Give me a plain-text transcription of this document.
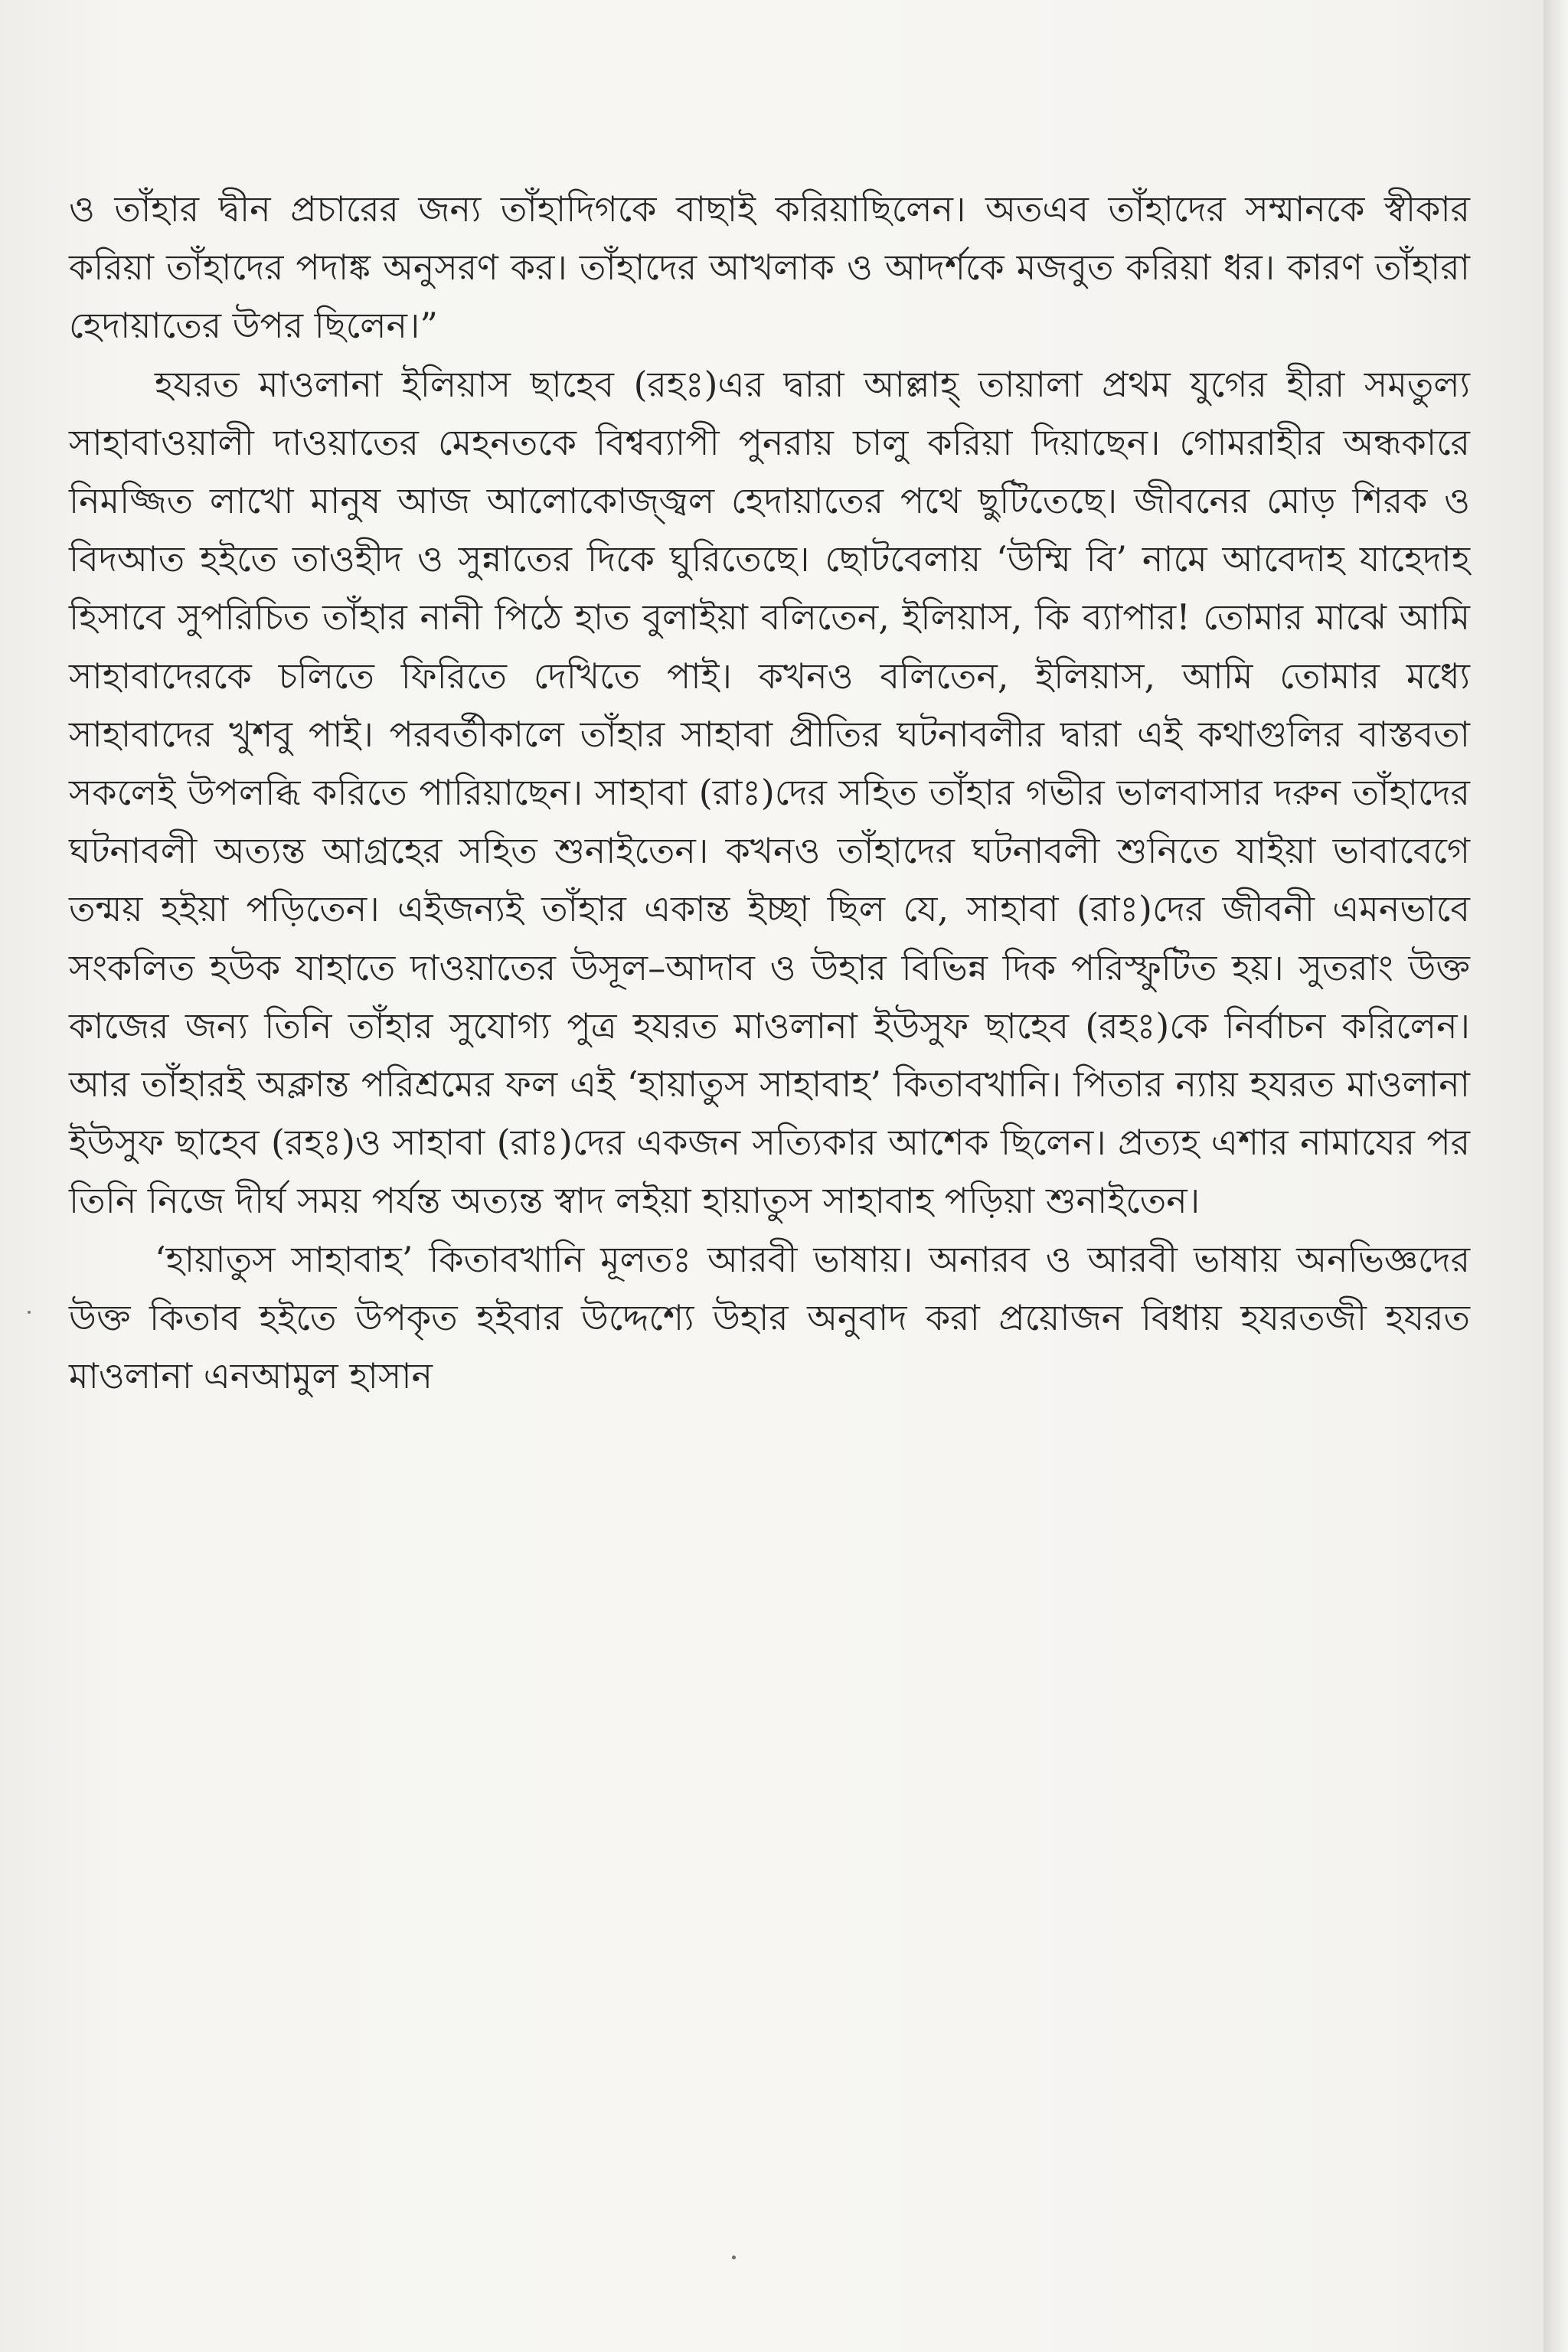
ও তাঁহার দ্বীন প্রচারের জন্য তাঁহাদিগকে বাছাই করিয়াছিলেন। অতএব তাঁহাদের সম্মানকে স্বীকার করিয়া তাঁহাদের পদাঙ্ক অনুসরণ কর। তাঁহাদের আখলাক ও আদর্শকে মজবুত করিয়া ধর। কারণ তাঁহারা হেদায়াতের উপর ছিলেন।”

হযরত মাওলানা ইলিয়াস ছাহেব (রহঃ)এর দ্বারা আল্লাহ্ তায়ালা প্রথম যুগের হীরা সমতুল্য সাহাবাওয়ালী দাওয়াতের মেহনতকে বিশ্বব্যাপী পুনরায় চালু করিয়া দিয়াছেন। গোমরাহীর অন্ধকারে নিমজ্জিত লাখো মানুষ আজ আলোকোজ্জ্বল হেদায়াতের পথে ছুটিতেছে। জীবনের মোড় শিরক ও বিদআত হইতে তাওহীদ ও সুন্নাতের দিকে ঘুরিতেছে। ছোটবেলায় ‘উম্মি বি’ নামে আবেদাহ যাহেদাহ হিসাবে সুপরিচিত তাঁহার নানী পিঠে হাত বুলাইয়া বলিতেন, ইলিয়াস, কি ব্যাপার! তোমার মাঝে আমি সাহাবাদেরকে চলিতে ফিরিতে দেখিতে পাই। কখনও বলিতেন, ইলিয়াস, আমি তোমার মধ্যে সাহাবাদের খুশবু পাই। পরবর্তীকালে তাঁহার সাহাবা প্রীতির ঘটনাবলীর দ্বারা এই কথাগুলির বাস্তবতা সকলেই উপলব্ধি করিতে পারিয়াছেন। সাহাবা (রাঃ)দের সহিত তাঁহার গভীর ভালবাসার দরুন তাঁহাদের ঘটনাবলী অত্যন্ত আগ্রহের সহিত শুনাইতেন। কখনও তাঁহাদের ঘটনাবলী শুনিতে যাইয়া ভাবাবেগে তন্ময় হইয়া পড়িতেন। এইজন্যই তাঁহার একান্ত ইচ্ছা ছিল যে, সাহাবা (রাঃ)দের জীবনী এমনভাবে সংকলিত হউক যাহাতে দাওয়াতের উসূল–আদাব ও উহার বিভিন্ন দিক পরিস্ফুটিত হয়। সুতরাং উক্ত কাজের জন্য তিনি তাঁহার সুযোগ্য পুত্র হযরত মাওলানা ইউসুফ ছাহেব (রহঃ)কে নির্বাচন করিলেন। আর তাঁহারই অক্লান্ত পরিশ্রমের ফল এই ‘হায়াতুস সাহাবাহ’ কিতাবখানি। পিতার ন্যায় হযরত মাওলানা ইউসুফ ছাহেব (রহঃ)ও সাহাবা (রাঃ)দের একজন সত্যিকার আশেক ছিলেন। প্রত্যহ এশার নামাযের পর তিনি নিজে দীর্ঘ সময় পর্যন্ত অত্যন্ত স্বাদ লইয়া হায়াতুস সাহাবাহ পড়িয়া শুনাইতেন।

‘হায়াতুস সাহাবাহ’ কিতাবখানি মূলতঃ আরবী ভাষায়। অনারব ও আরবী ভাষায় অনভিজ্ঞদের উক্ত কিতাব হইতে উপকৃত হইবার উদ্দেশ্যে উহার অনুবাদ করা প্রয়োজন বিধায় হযরতজী হযরত মাওলানা এনআমুল হাসান
